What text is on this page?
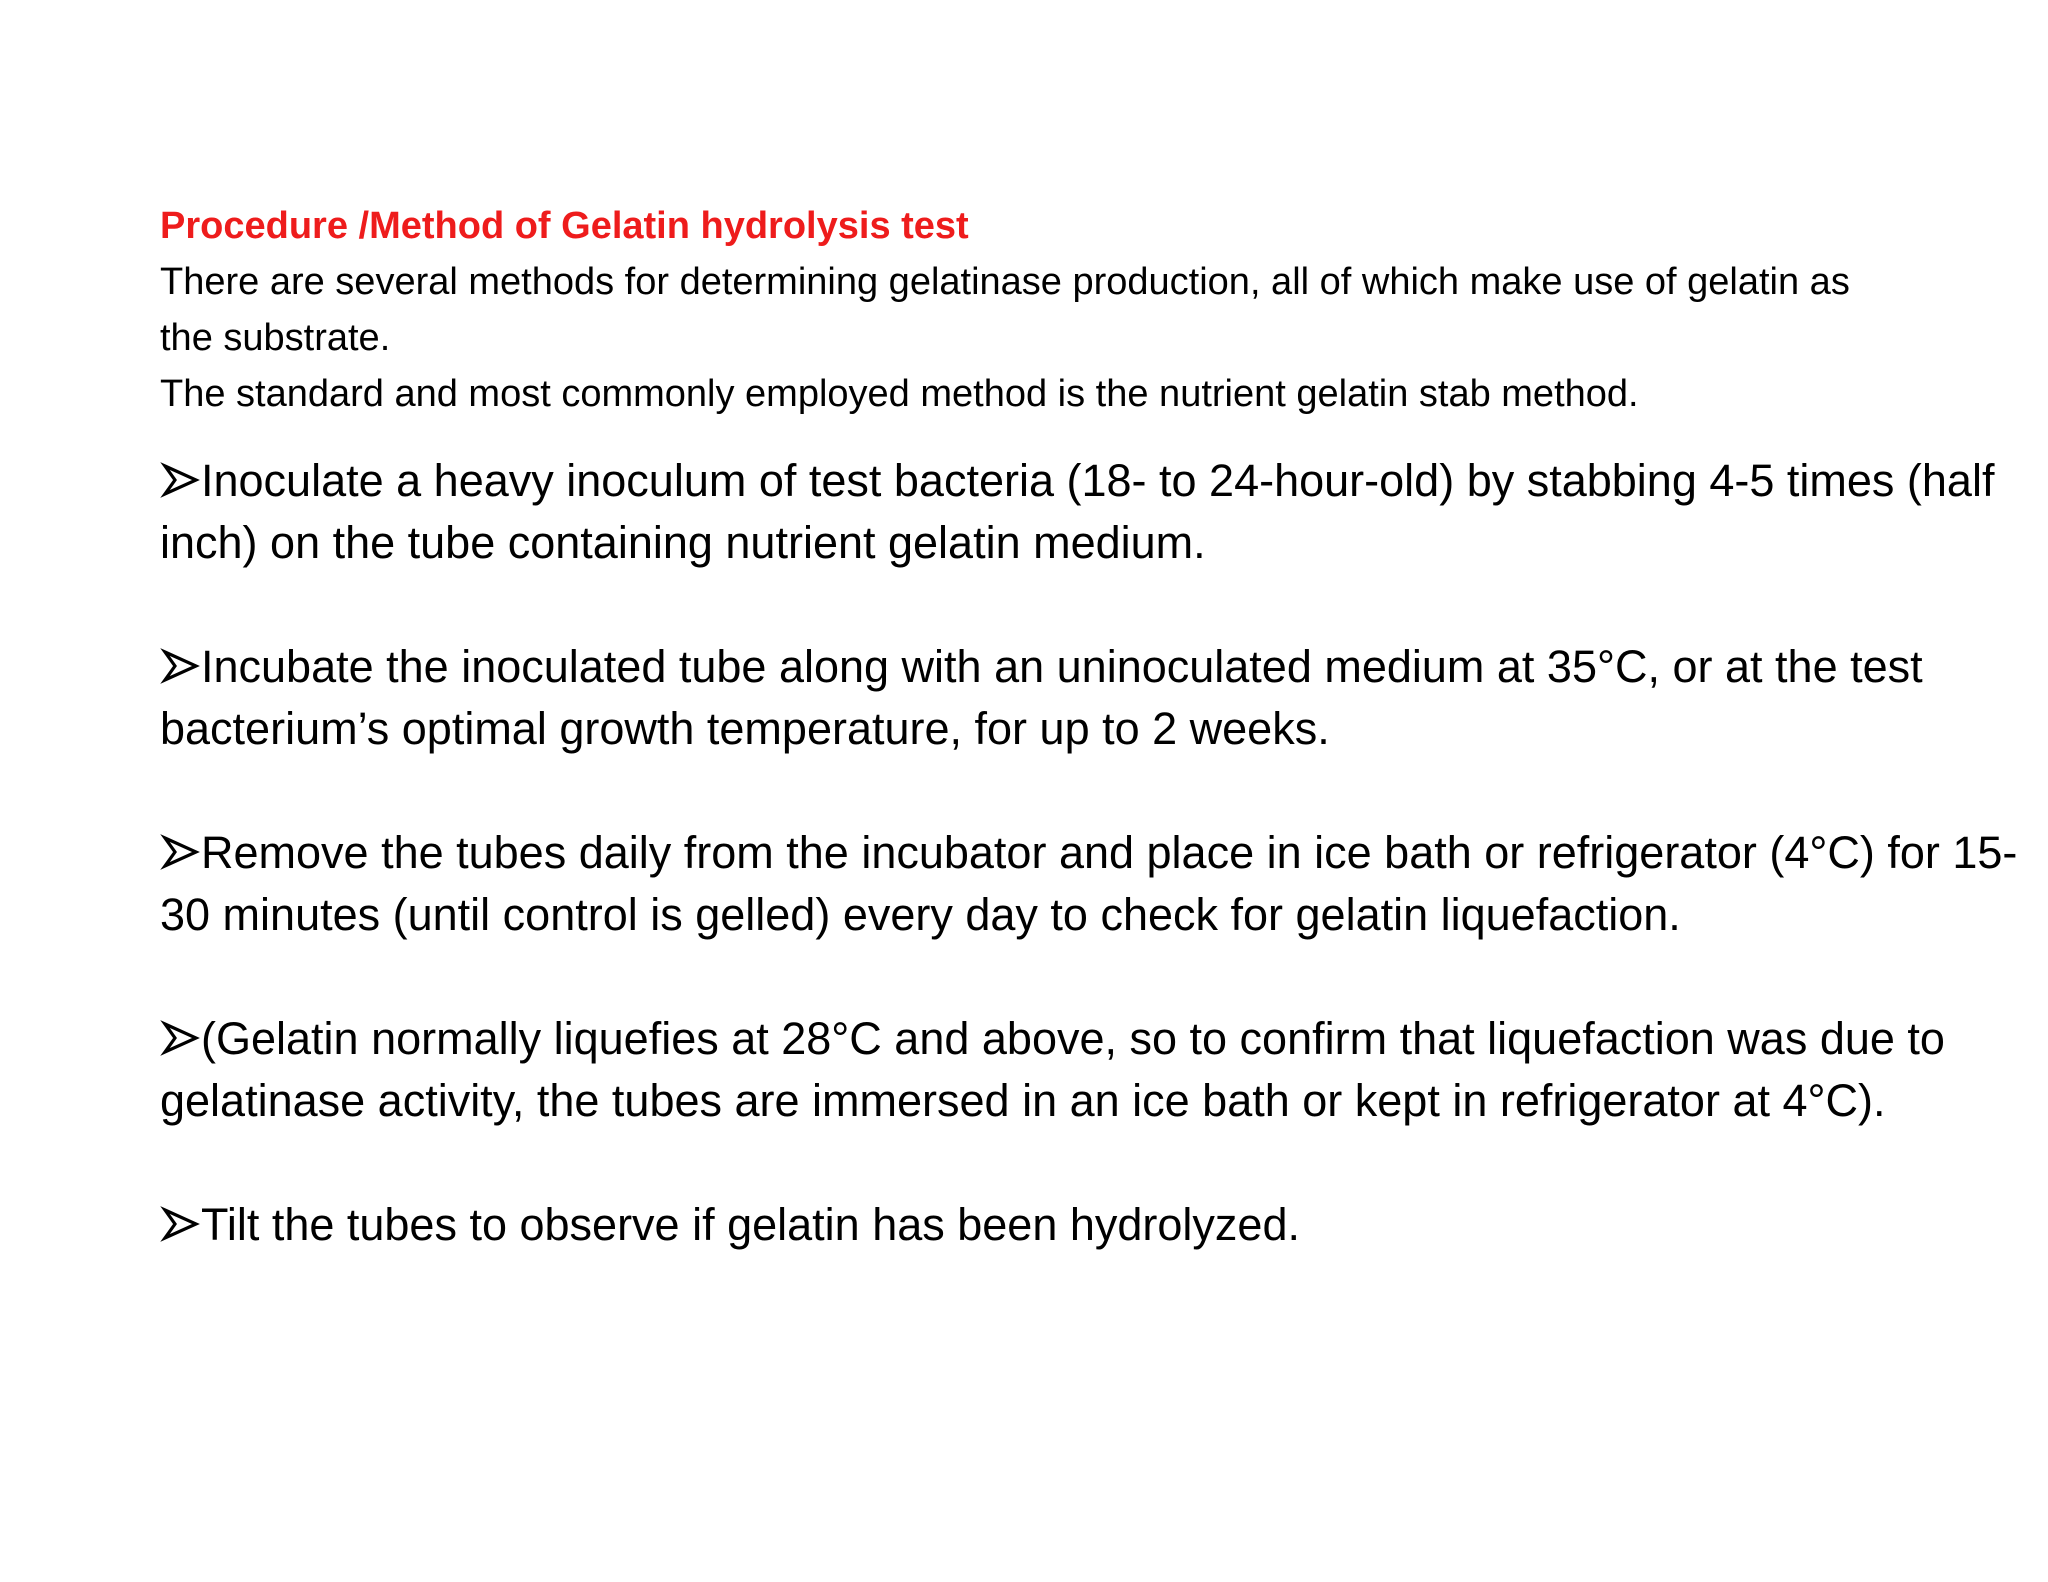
Procedure /Method of Gelatin hydrolysis test

There are several methods for determining gelatinase production, all of which make use of gelatin as the substrate.
The standard and most commonly employed method is the nutrient gelatin stab method.

Inoculate a heavy inoculum of test bacteria (18- to 24-hour-old) by stabbing 4-5 times (half inch) on the tube containing nutrient gelatin medium.
Incubate the inoculated tube along with an uninoculated medium at 35°C, or at the test bacterium’s optimal growth temperature, for up to 2 weeks.
Remove the tubes daily from the incubator and place in ice bath or refrigerator (4°C) for 15-30 minutes (until control is gelled) every day to check for gelatin liquefaction.
(Gelatin normally liquefies at 28°C and above, so to confirm that liquefaction was due to gelatinase activity, the tubes are immersed in an ice bath or kept in refrigerator at 4°C).
Tilt the tubes to observe if gelatin has been hydrolyzed.
